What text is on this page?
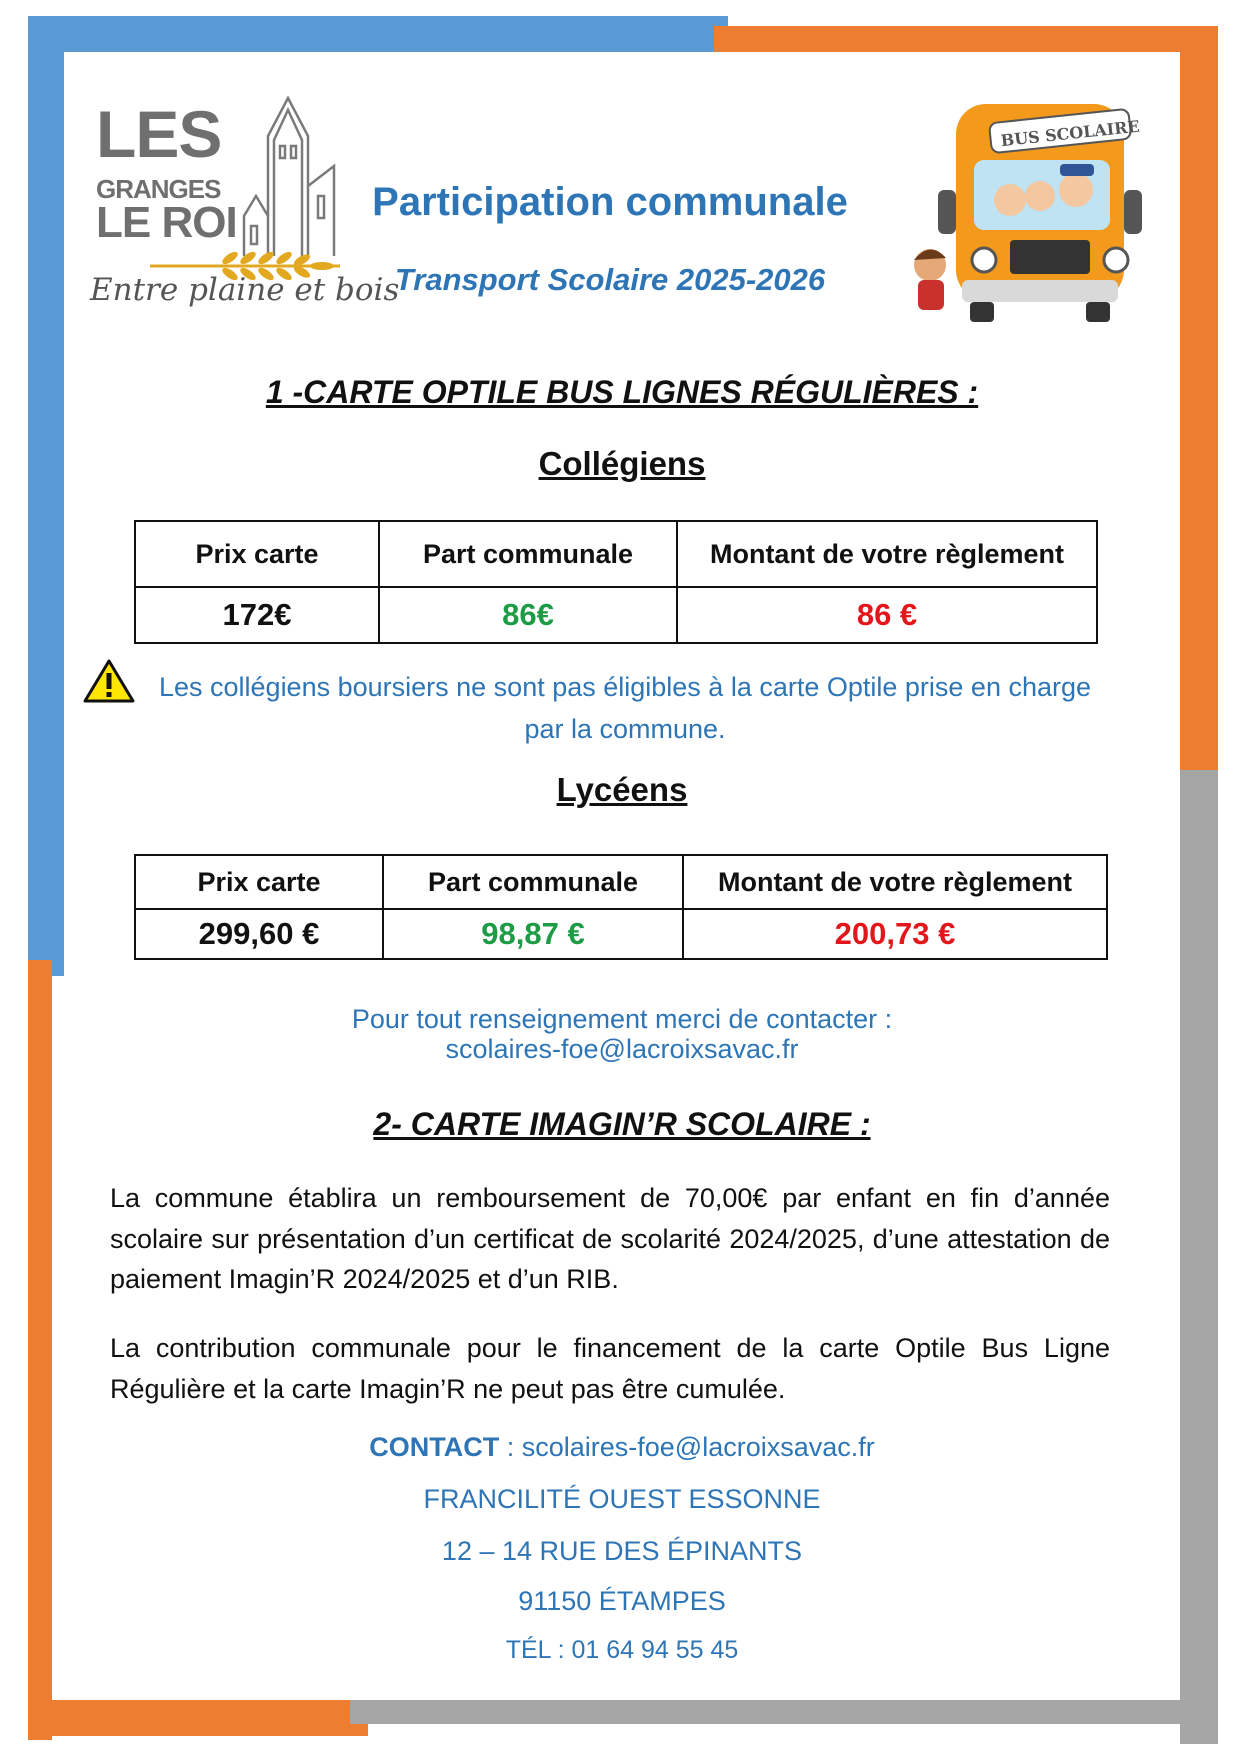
LES
GRANGES
LE ROI
Entre plaine et bois
Participation communale
Transport Scolaire 2025-2026
BUS SCOLAIRE
1 -CARTE OPTILE BUS LIGNES RÉGULIÈRES :
Collégiens
Prix carte	Part communale	Montant de votre règlement
172€	86€	86 €
Les collégiens boursiers ne sont pas éligibles à la carte Optile prise en charge par la commune.
Lycéens
Prix carte	Part communale	Montant de votre règlement
299,60 €	98,87 €	200,73 €
Pour tout renseignement merci de contacter :
scolaires-foe@lacroixsavac.fr
2- CARTE IMAGIN’R SCOLAIRE :
La commune établira un remboursement de 70,00€ par enfant en fin d’année scolaire sur présentation d’un certificat de scolarité 2024/2025, d’une attestation de paiement Imagin’R 2024/2025 et d’un RIB.
La contribution communale pour le financement de la carte Optile Bus Ligne Régulière et la carte Imagin’R ne peut pas être cumulée.
CONTACT : scolaires-foe@lacroixsavac.fr
FRANCILITÉ OUEST ESSONNE
12 – 14 RUE DES ÉPINANTS
91150 ÉTAMPES
TÉL : 01 64 94 55 45
